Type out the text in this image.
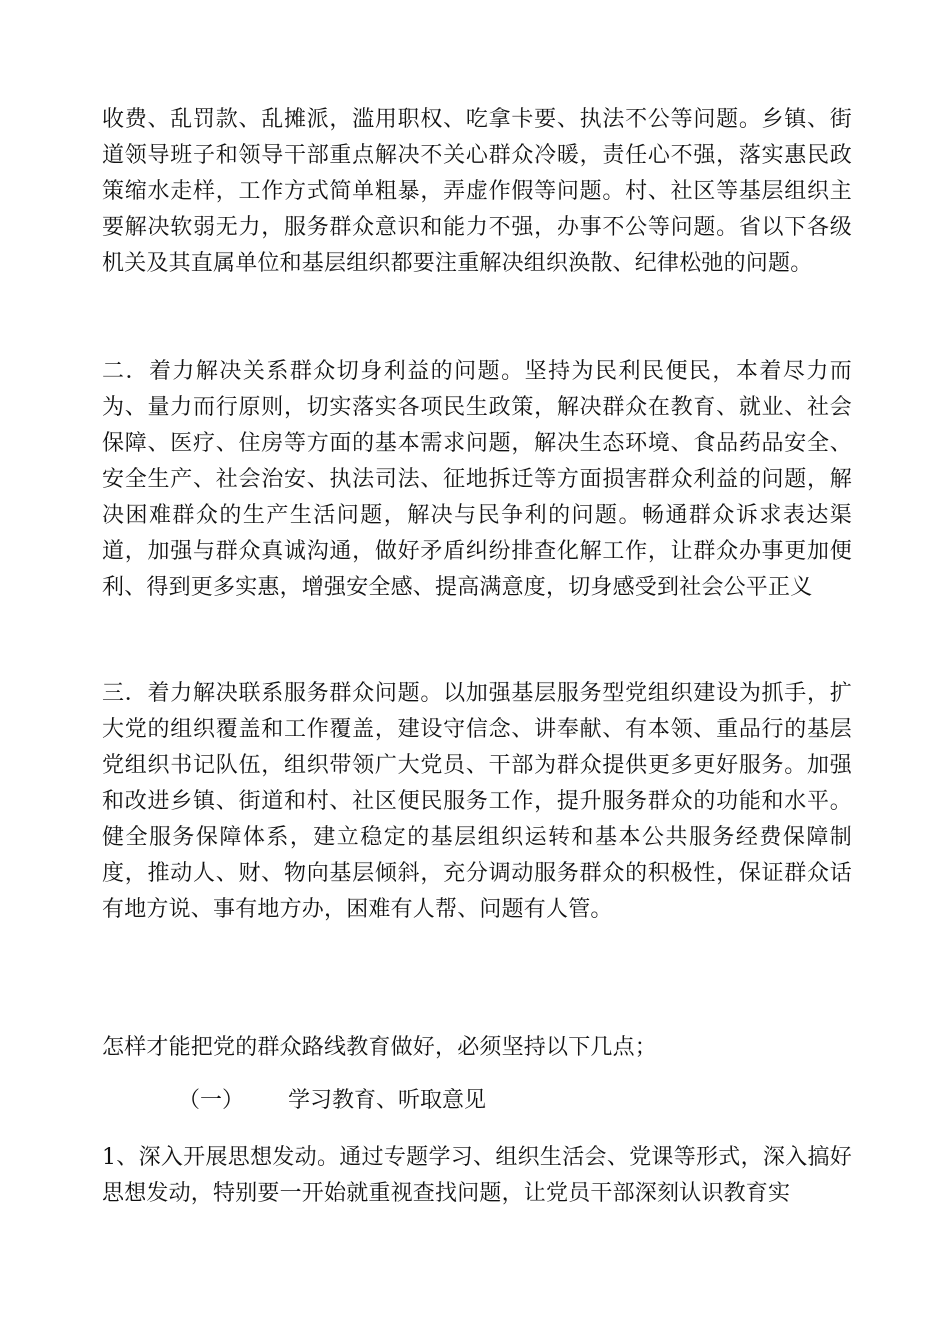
收费、乱罚款、乱摊派，滥用职权、吃拿卡要、执法不公等问题。乡镇、街道领导班子和领导干部重点解决不关心群众冷暖，责任心不强，落实惠民政策缩水走样，工作方式简单粗暴，弄虚作假等问题。村、社区等基层组织主要解决软弱无力，服务群众意识和能力不强，办事不公等问题。省以下各级机关及其直属单位和基层组织都要注重解决组织涣散、纪律松弛的问题。

二．着力解决关系群众切身利益的问题。坚持为民利民便民，本着尽力而为、量力而行原则，切实落实各项民生政策，解决群众在教育、就业、社会保障、医疗、住房等方面的基本需求问题，解决生态环境、食品药品安全、安全生产、社会治安、执法司法、征地拆迁等方面损害群众利益的问题，解决困难群众的生产生活问题，解决与民争利的问题。畅通群众诉求表达渠道，加强与群众真诚沟通，做好矛盾纠纷排查化解工作，让群众办事更加便利、得到更多实惠，增强安全感、提高满意度，切身感受到社会公平正义

三．着力解决联系服务群众问题。以加强基层服务型党组织建设为抓手，扩大党的组织覆盖和工作覆盖，建设守信念、讲奉献、有本领、重品行的基层党组织书记队伍，组织带领广大党员、干部为群众提供更多更好服务。加强和改进乡镇、街道和村、社区便民服务工作，提升服务群众的功能和水平。健全服务保障体系，建立稳定的基层组织运转和基本公共服务经费保障制度，推动人、财、物向基层倾斜，充分调动服务群众的积极性，保证群众话有地方说、事有地方办，困难有人帮、问题有人管。

怎样才能把党的群众路线教育做好，必须坚持以下几点；

（一） 学习教育、听取意见

1、深入开展思想发动。通过专题学习、组织生活会、党课等形式，深入搞好思想发动，特别要一开始就重视查找问题，让党员干部深刻认识教育实
